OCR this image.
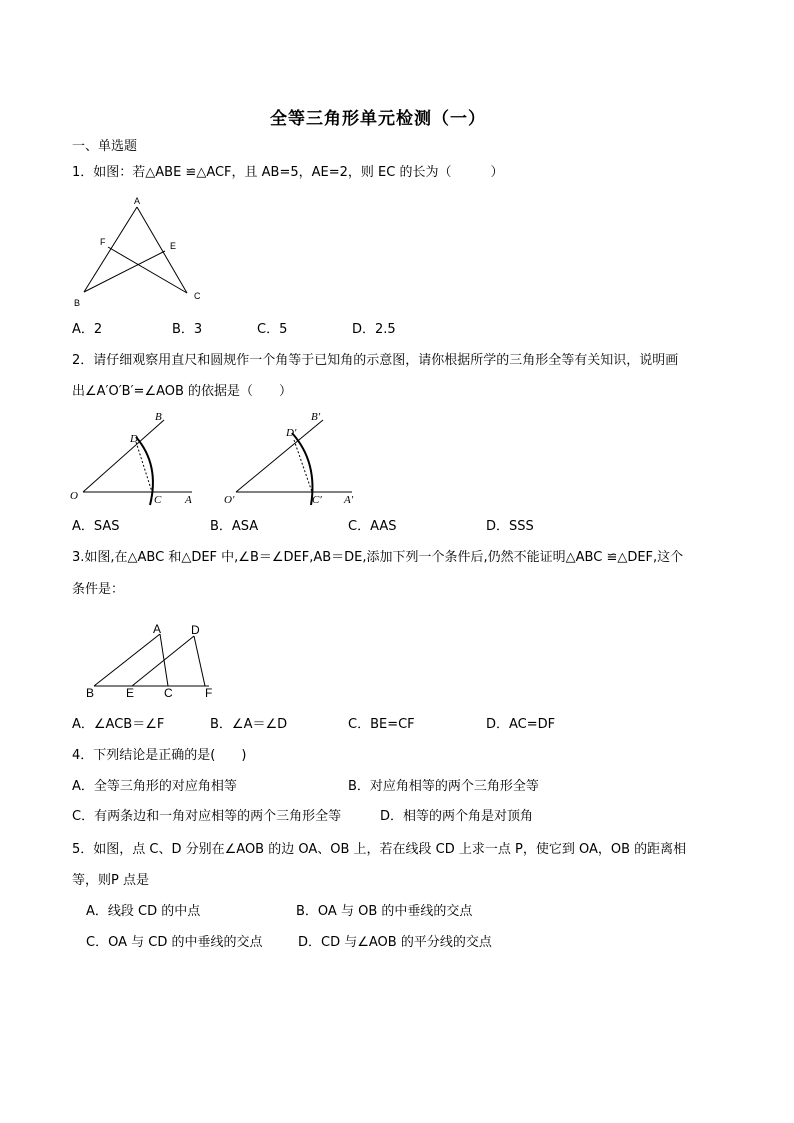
全等三角形单元检测（一）
一、单选题
1．如图：若△ABE ≌△ACF，且 AB=5，AE=2，则 EC 的长为（　　　）
A
F	E
B
C
A．2	B．3	C．5	D．2.5
2．请仔细观察用直尺和圆规作一个角等于已知角的示意图，请你根据所学的三角形全等有关知识，说明画
出∠A′O′B′=∠AOB 的依据是（　　）
B
D
O	C A
B′
D′
O′	C′ A′
A．SAS	B．ASA	C．AAS	D．SSS
3.如图,在△ABC 和△DEF 中,∠B＝∠DEF,AB＝DE,添加下列一个条件后,仍然不能证明△ABC ≌△DEF,这个
条件是：
A D
B	E C	F
A．∠ACB＝∠F	B．∠A＝∠D	C．BE=CF	D．AC=DF
4．下列结论是正确的是(　　)
A．全等三角形的对应角相等	B．对应角相等的两个三角形全等
C．有两条边和一角对应相等的两个三角形全等	D．相等的两个角是对顶角
5．如图，点 C、D 分别在∠AOB 的边 OA、OB 上，若在线段 CD 上求一点 P，使它到 OA，OB 的距离相
等，则P 点是
A．线段 CD 的中点	B．OA 与 OB 的中垂线的交点
C．OA 与 CD 的中垂线的交点	D．CD 与∠AOB 的平分线的交点
